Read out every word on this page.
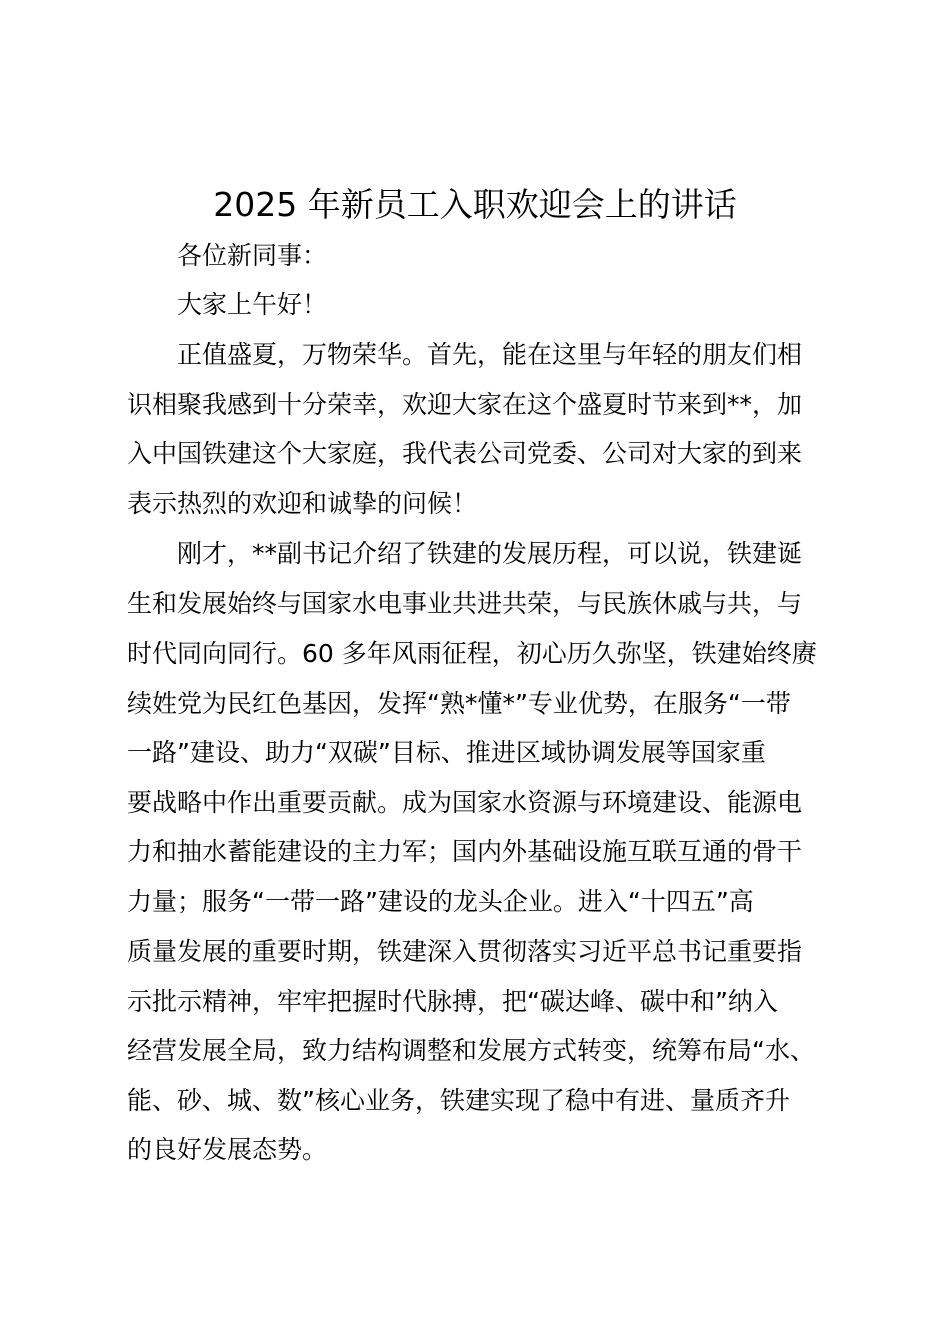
2025 年新员工入职欢迎会上的讲话

各位新同事：

大家上午好！

正值盛夏，万物荣华。首先，能在这里与年轻的朋友们相

识相聚我感到十分荣幸，欢迎大家在这个盛夏时节来到**，加

入中国铁建这个大家庭，我代表公司党委、公司对大家的到来

表示热烈的欢迎和诚挚的问候！

刚才，**副书记介绍了铁建的发展历程，可以说，铁建诞

生和发展始终与国家水电事业共进共荣，与民族休戚与共，与

时代同向同行。60 多年风雨征程，初心历久弥坚，铁建始终赓

续姓党为民红色基因，发挥“熟*懂*”专业优势，在服务“一带

一路”建设、助力“双碳”目标、推进区域协调发展等国家重

要战略中作出重要贡献。成为国家水资源与环境建设、能源电

力和抽水蓄能建设的主力军；国内外基础设施互联互通的骨干

力量；服务“一带一路”建设的龙头企业。进入“十四五”高

质量发展的重要时期，铁建深入贯彻落实习近平总书记重要指

示批示精神，牢牢把握时代脉搏，把“碳达峰、碳中和”纳入

经营发展全局，致力结构调整和发展方式转变，统筹布局“水、

能、砂、城、数”核心业务，铁建实现了稳中有进、量质齐升

的良好发展态势。
